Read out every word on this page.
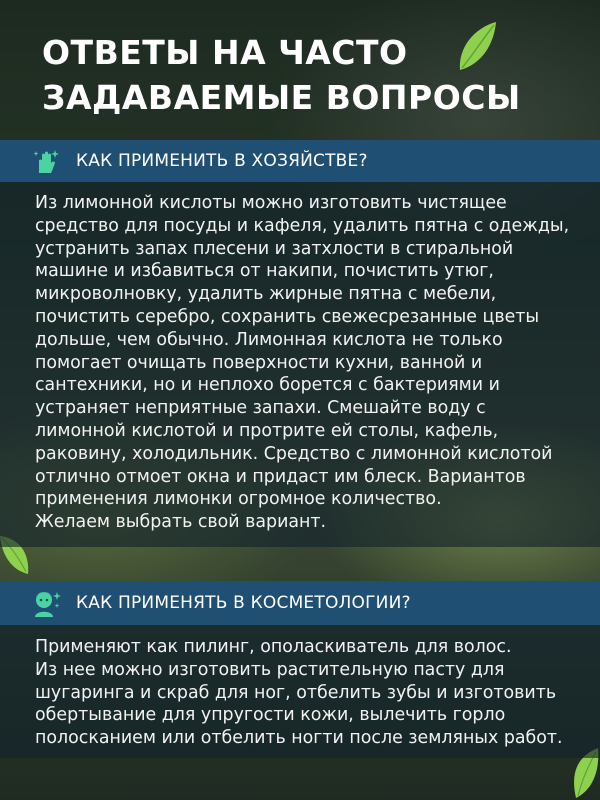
ОТВЕТЫ НА ЧАСТО
ЗАДАВАЕМЫЕ ВОПРОСЫ
КАК ПРИМЕНИТЬ В ХОЗЯЙСТВЕ?

Из лимонной кислоты можно изготовить чистящее
средство для посуды и кафеля, удалить пятна с одежды,
устранить запах плесени и затхлости в стиральной
машине и избавиться от накипи, почистить утюг,
микроволновку, удалить жирные пятна с мебели,
почистить серебро, сохранить свежесрезанные цветы
дольше, чем обычно. Лимонная кислота не только
помогает очищать поверхности кухни, ванной и
сантехники, но и неплохо борется с бактериями и
устраняет неприятные запахи. Смешайте воду с
лимонной кислотой и протрите ей столы, кафель,
раковину, холодильник. Средство с лимонной кислотой
отлично отмоет окна и придаст им блеск. Вариантов
применения лимонки огромное количество.
Желаем выбрать свой вариант.

КАК ПРИМЕНЯТЬ В КОСМЕТОЛОГИИ?

Применяют как пилинг, ополаскиватель для волос.
Из нее можно изготовить растительную пасту для
шугаринга и скраб для ног, отбелить зубы и изготовить
обертывание для упругости кожи, вылечить горло
полосканием или отбелить ногти после земляных работ.
